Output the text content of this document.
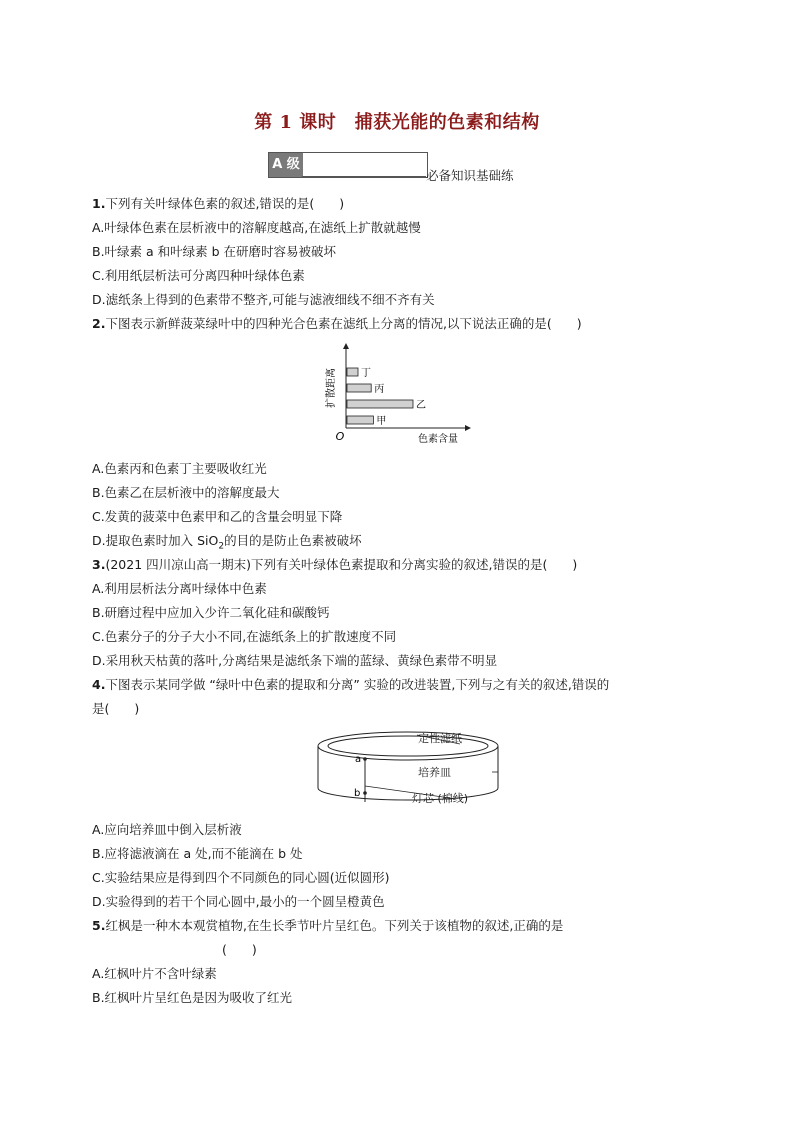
第 1 课时　捕获光能的色素和结构
A 级
必备知识基础练
1.下列有关叶绿体色素的叙述,错误的是(　　)
A.叶绿体色素在层析液中的溶解度越高,在滤纸上扩散就越慢
B.叶绿素 a 和叶绿素 b 在研磨时容易被破坏
C.利用纸层析法可分离四种叶绿体色素
D.滤纸条上得到的色素带不整齐,可能与滤液细线不细不齐有关
2.下图表示新鲜菠菜绿叶中的四种光合色素在滤纸上分离的情况,以下说法正确的是(　　)
扩散距离
O	色素含量
丁
丙
乙
甲
A.色素丙和色素丁主要吸收红光
B.色素乙在层析液中的溶解度最大
C.发黄的菠菜中色素甲和乙的含量会明显下降
D.提取色素时加入 SiO$_2$的目的是防止色素被破坏
3.(2021 四川凉山高一期末)下列有关叶绿体色素提取和分离实验的叙述,错误的是(　　)
A.利用层析法分离叶绿体中色素
B.研磨过程中应加入少许二氧化硅和碳酸钙
C.色素分子的分子大小不同,在滤纸条上的扩散速度不同
D.采用秋天枯黄的落叶,分离结果是滤纸条下端的蓝绿、黄绿色素带不明显
4.下图表示某同学做 “绿叶中色素的提取和分离” 实验的改进装置,下列与之有关的叙述,错误的
是(　　)
a
b
定性滤纸
培养皿
灯芯 (棉线)
A.应向培养皿中倒入层析液
B.应将滤液滴在 a 处,而不能滴在 b 处
C.实验结果应是得到四个不同颜色的同心圆(近似圆形)
D.实验得到的若干个同心圆中,最小的一个圆呈橙黄色
5.红枫是一种木本观赏植物,在生长季节叶片呈红色。下列关于该植物的叙述,正确的是
(　　)
A.红枫叶片不含叶绿素
B.红枫叶片呈红色是因为吸收了红光
